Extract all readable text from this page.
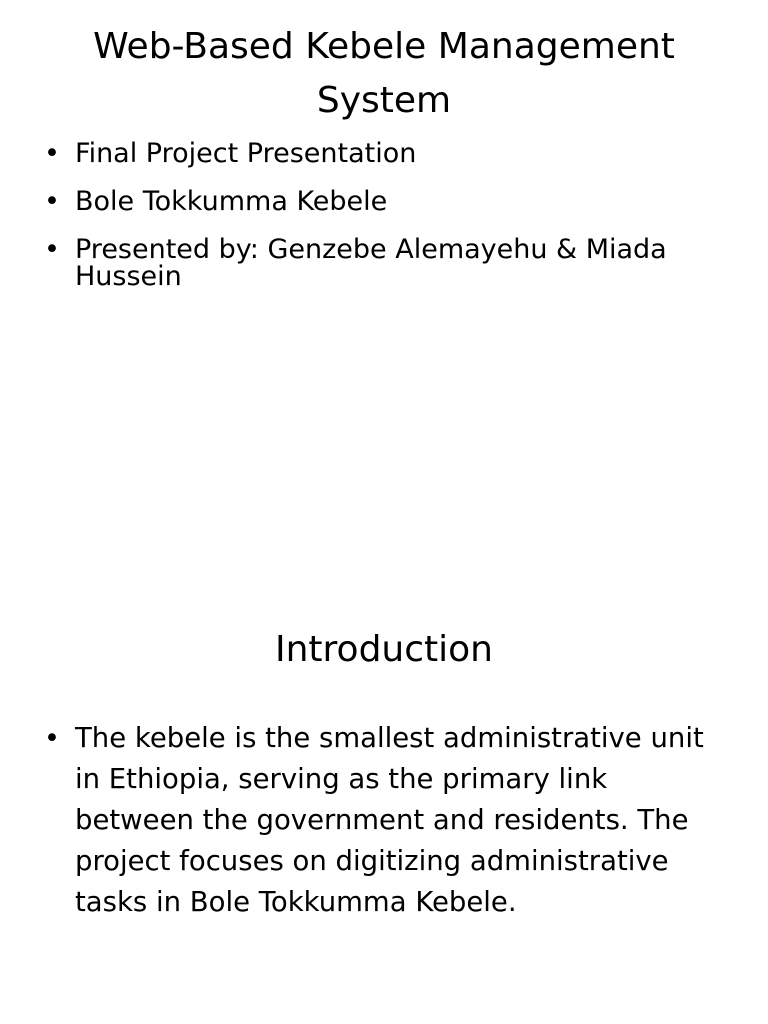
Web-Based Kebele Management System
• Final Project Presentation
• Bole Tokkumma Kebele
• Presented by: Genzebe Alemayehu & Miada Hussein
Introduction
• The kebele is the smallest administrative unit in Ethiopia, serving as the primary link between the government and residents. The project focuses on digitizing administrative tasks in Bole Tokkumma Kebele.
